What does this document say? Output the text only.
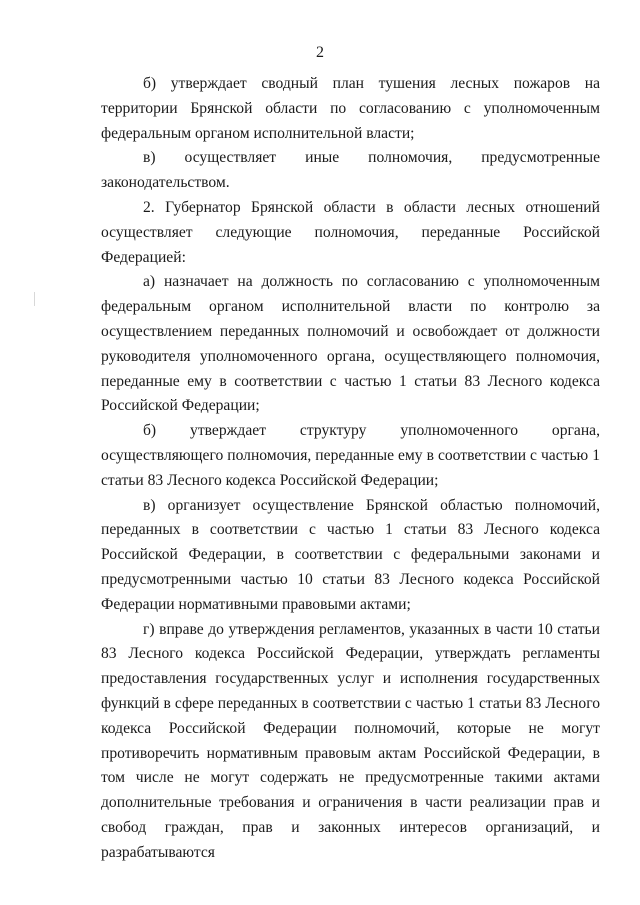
2

б) утверждает сводный план тушения лесных пожаров на территории Брянской области по согласованию с уполномоченным федеральным органом исполнительной власти;

в) осуществляет иные полномочия, предусмотренные законодательством.

2. Губернатор Брянской области в области лесных отношений осуществляет следующие полномочия, переданные Российской Федерацией:

а) назначает на должность по согласованию с уполномоченным федеральным органом исполнительной власти по контролю за осуществлением переданных полномочий и освобождает от должности руководителя уполномоченного органа, осуществляющего полномочия, переданные ему в соответствии с частью 1 статьи 83 Лесного кодекса Российской Федерации;

б) утверждает структуру уполномоченного органа, осуществляющего полномочия, переданные ему в соответствии с частью 1 статьи 83 Лесного кодекса Российской Федерации;

в) организует осуществление Брянской областью полномочий, переданных в соответствии с частью 1 статьи 83 Лесного кодекса Российской Федерации, в соответствии с федеральными законами и предусмотренными частью 10 статьи 83 Лесного кодекса Российской Федерации нормативными правовыми актами;

г) вправе до утверждения регламентов, указанных в части 10 статьи 83 Лесного кодекса Российской Федерации, утверждать регламенты предоставления государственных услуг и исполнения государственных функций в сфере переданных в соответствии с частью 1 статьи 83 Лесного кодекса Российской Федерации полномочий, которые не могут противоречить нормативным правовым актам Российской Федерации, в том числе не могут содержать не предусмотренные такими актами дополнительные требования и ограничения в части реализации прав и свобод граждан, прав и законных интересов организаций, и разрабатываются
